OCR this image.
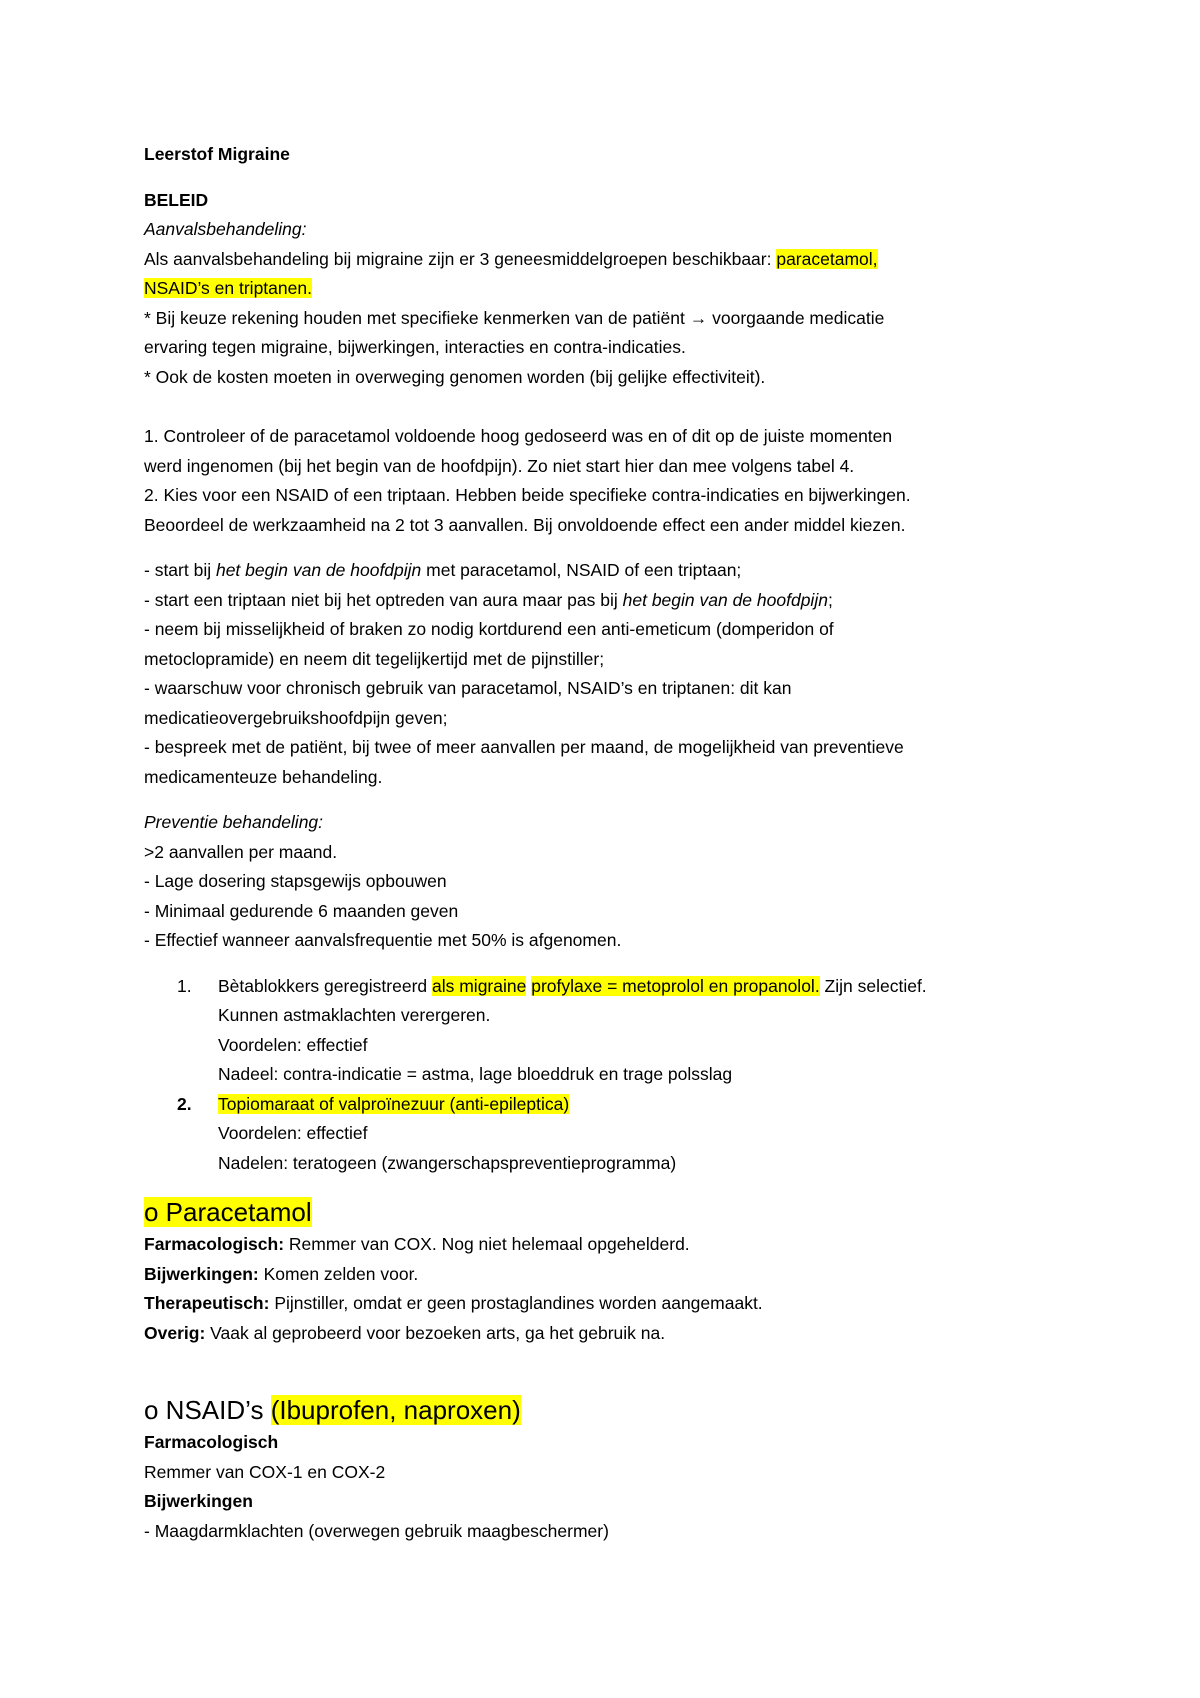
Leerstof Migraine
BELEID
Aanvalsbehandeling:
Als aanvalsbehandeling bij migraine zijn er 3 geneesmiddelgroepen beschikbaar: paracetamol,
NSAID’s en triptanen.
* Bij keuze rekening houden met specifieke kenmerken van de patiënt → voorgaande medicatie
ervaring tegen migraine, bijwerkingen, interacties en contra-indicaties.
* Ook de kosten moeten in overweging genomen worden (bij gelijke effectiviteit).
1. Controleer of de paracetamol voldoende hoog gedoseerd was en of dit op de juiste momenten
werd ingenomen (bij het begin van de hoofdpijn). Zo niet start hier dan mee volgens tabel 4.
2. Kies voor een NSAID of een triptaan. Hebben beide specifieke contra-indicaties en bijwerkingen.
Beoordeel de werkzaamheid na 2 tot 3 aanvallen. Bij onvoldoende effect een ander middel kiezen.
- start bij het begin van de hoofdpijn met paracetamol, NSAID of een triptaan;
- start een triptaan niet bij het optreden van aura maar pas bij het begin van de hoofdpijn;
- neem bij misselijkheid of braken zo nodig kortdurend een anti-emeticum (domperidon of
metoclopramide) en neem dit tegelijkertijd met de pijnstiller;
- waarschuw voor chronisch gebruik van paracetamol, NSAID’s en triptanen: dit kan
medicatieovergebruikshoofdpijn geven;
- bespreek met de patiënt, bij twee of meer aanvallen per maand, de mogelijkheid van preventieve
medicamenteuze behandeling.
Preventie behandeling:
>2 aanvallen per maand.
- Lage dosering stapsgewijs opbouwen
- Minimaal gedurende 6 maanden geven
- Effectief wanneer aanvalsfrequentie met 50% is afgenomen.
1. Bètablokkers geregistreerd als migraine profylaxe = metoprolol en propanolol. Zijn selectief.
Kunnen astmaklachten verergeren.
Voordelen: effectief
Nadeel: contra-indicatie = astma, lage bloeddruk en trage polsslag
2. Topiomaraat of valproïnezuur (anti-epileptica)
Voordelen: effectief
Nadelen: teratogeen (zwangerschapspreventieprogramma)
o Paracetamol
Farmacologisch: Remmer van COX. Nog niet helemaal opgehelderd.
Bijwerkingen: Komen zelden voor.
Therapeutisch: Pijnstiller, omdat er geen prostaglandines worden aangemaakt.
Overig: Vaak al geprobeerd voor bezoeken arts, ga het gebruik na.
o NSAID’s (Ibuprofen, naproxen)
Farmacologisch
Remmer van COX-1 en COX-2
Bijwerkingen
- Maagdarmklachten (overwegen gebruik maagbeschermer)
